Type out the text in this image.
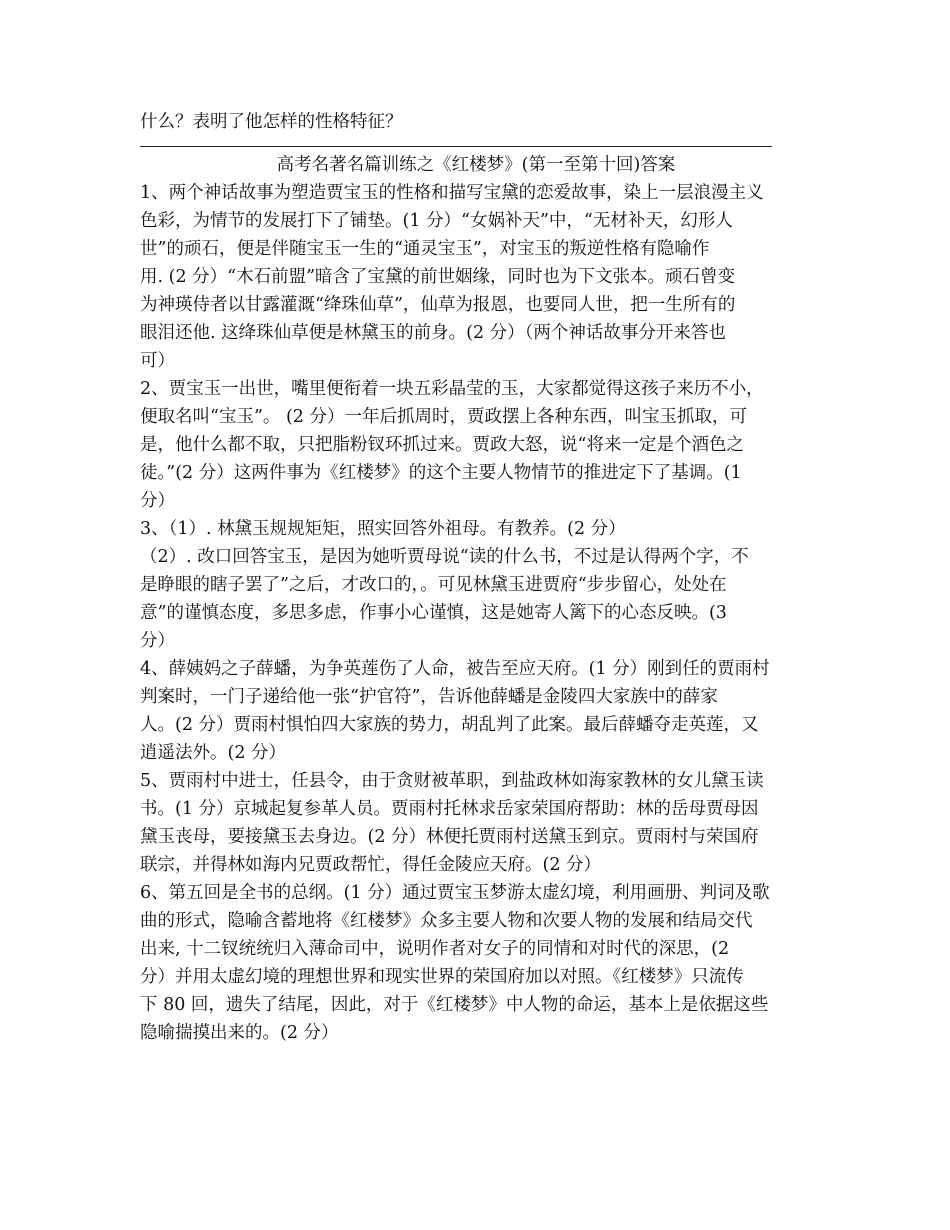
什么？表明了他怎样的性格特征？
高考名著名篇训练之《红楼梦》(第一至第十回)答案
1、两个神话故事为塑造贾宝玉的性格和描写宝黛的恋爱故事，染上一层浪漫主义
色彩，为情节的发展打下了铺垫。(1 分）“女娲补天”中，“无材补天，幻形人
世”的顽石，便是伴随宝玉一生的“通灵宝玉”，对宝玉的叛逆性格有隐喻作
用. (2 分）“木石前盟”暗含了宝黛的前世姻缘，同时也为下文张本。顽石曾变
为神瑛侍者以甘露灌溉“绛珠仙草”，仙草为报恩，也要同人世，把一生所有的
眼泪还他. 这绛珠仙草便是林黛玉的前身。(2 分）（两个神话故事分开来答也
可）
2、贾宝玉一出世，嘴里便衔着一块五彩晶莹的玉，大家都觉得这孩子来历不小，
便取名叫“宝玉”。 (2 分）一年后抓周时，贾政摆上各种东西，叫宝玉抓取，可
是，他什么都不取，只把脂粉钗环抓过来。贾政大怒，说“将来一定是个酒色之
徒。”(2 分）这两件事为《红楼梦》的这个主要人物情节的推进定下了基调。(1
分）
3、（1）. 林黛玉规规矩矩，照实回答外祖母。有教养。(2 分）
（2）. 改口回答宝玉，是因为她听贾母说“读的什么书，不过是认得两个字，不
是睁眼的瞎子罢了”之后，才改口的，。可见林黛玉进贾府“步步留心，处处在
意”的谨慎态度，多思多虑，作事小心谨慎，这是她寄人篱下的心态反映。(3
分）
4、薛姨妈之子薛蟠，为争英莲伤了人命，被告至应天府。(1 分）刚到任的贾雨村
判案时，一门子递给他一张“护官符”，告诉他薛蟠是金陵四大家族中的薛家
人。(2 分）贾雨村惧怕四大家族的势力，胡乱判了此案。最后薛蟠夺走英莲，又
逍遥法外。(2 分）
5、贾雨村中进士，任县令，由于贪财被革职，到盐政林如海家教林的女儿黛玉读
书。(1 分）京城起复参革人员。贾雨村托林求岳家荣国府帮助：林的岳母贾母因
黛玉丧母，要接黛玉去身边。(2 分）林便托贾雨村送黛玉到京。贾雨村与荣国府
联宗，并得林如海内兄贾政帮忙，得任金陵应天府。(2 分）
6、第五回是全书的总纲。(1 分）通过贾宝玉梦游太虚幻境，利用画册、判词及歌
曲的形式，隐喻含蓄地将《红楼梦》众多主要人物和次要人物的发展和结局交代
出来, 十二钗统统归入薄命司中，说明作者对女子的同情和对时代的深思，(2
分）并用太虚幻境的理想世界和现实世界的荣国府加以对照。《红楼梦》只流传
下 80 回，遗失了结尾，因此，对于《红楼梦》中人物的命运，基本上是依据这些
隐喻揣摸出来的。(2 分）
